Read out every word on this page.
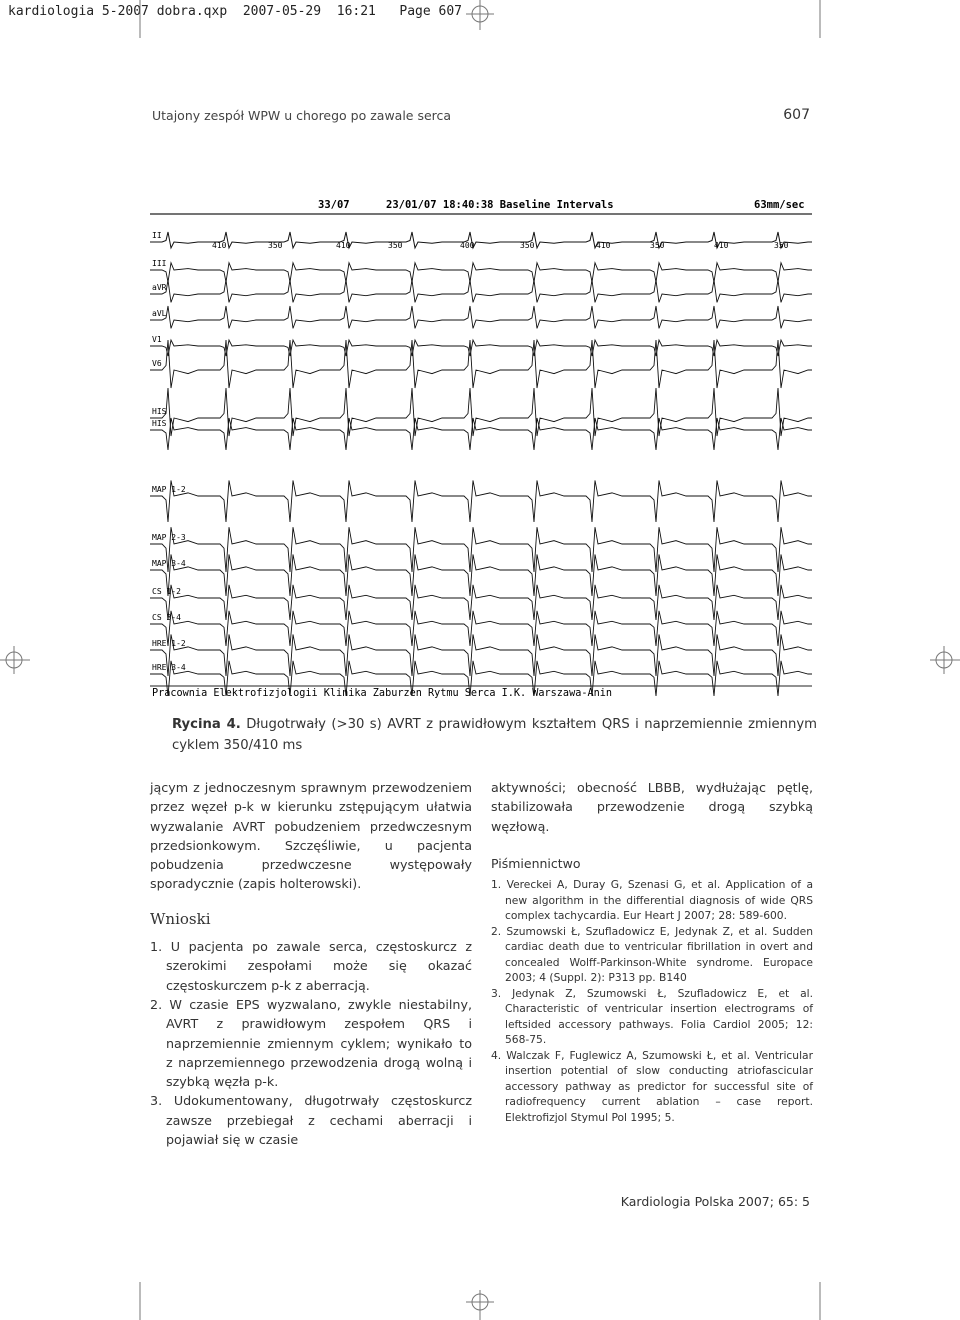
kardiologia 5-2007 dobra.qxp 2007-05-29 16:21 Page 607
Utajony zespół WPW u chorego po zawale serca	607
33/07	23/01/07 18:40:38 Baseline Intervals	63mm/sec
Pracownia Elektrofizjologii Klinika Zaburzen Rytmu Serca I.K. Warszawa-Anin
II
III
aVR
aVL
V1
V6
HIS
HIS
MAP 1-2
MAP 2-3
MAP 3-4
CS 1-2
CS 3-4
HRE 1-2
HRE 3-4
410	350	410	350	400	350	410	350	410	350
Rycina 4. Długotrwały (>30 s) AVRT z prawidłowym kształtem QRS i naprzemiennie zmiennym cyklem 350/410 ms

jącym z jednoczesnym sprawnym przewodzeniem przez węzeł p-k w kierunku zstępującym ułatwia wyzwalanie AVRT pobudzeniem przedwczesnym przedsionkowym. Szczęśliwie, u pacjenta pobudzenia przedwczesne występowały sporadycznie (zapis holterowski).

Wnioski

1. U pacjenta po zawale serca, częstoskurcz z szerokimi zespołami może się okazać częstoskurczem p-k z aberracją.

2. W czasie EPS wyzwalano, zwykle niestabilny, AVRT z prawidłowym zespołem QRS i naprzemiennie zmiennym cyklem; wynikało to z naprzemiennego przewodzenia drogą wolną i szybką węzła p-k.

3. Udokumentowany, długotrwały częstoskurcz zawsze przebiegał z cechami aberracji i pojawiał się w czasie

aktywności; obecność LBBB, wydłużając pętlę, stabilizowała przewodzenie drogą szybką węzłową.

Piśmiennictwo

1. Vereckei A, Duray G, Szenasi G, et al. Application of a new algorithm in the differential diagnosis of wide QRS complex tachycardia. Eur Heart J 2007; 28: 589-600.

2. Szumowski Ł, Szufladowicz E, Jedynak Z, et al. Sudden cardiac death due to ventricular fibrillation in overt and concealed Wolff-Parkinson-White syndrome. Europace 2003; 4 (Suppl. 2): P313 pp. B140

3. Jedynak Z, Szumowski Ł, Szufladowicz E, et al. Characteristic of ventricular insertion electrograms of leftsided accessory pathways. Folia Cardiol 2005; 12: 568-75.

4. Walczak F, Fuglewicz A, Szumowski Ł, et al. Ventricular insertion potential of slow conducting atriofascicular accessory pathway as predictor for successful site of radiofrequency current ablation – case report. Elektrofizjol Stymul Pol 1995; 5.

Kardiologia Polska 2007; 65: 5
